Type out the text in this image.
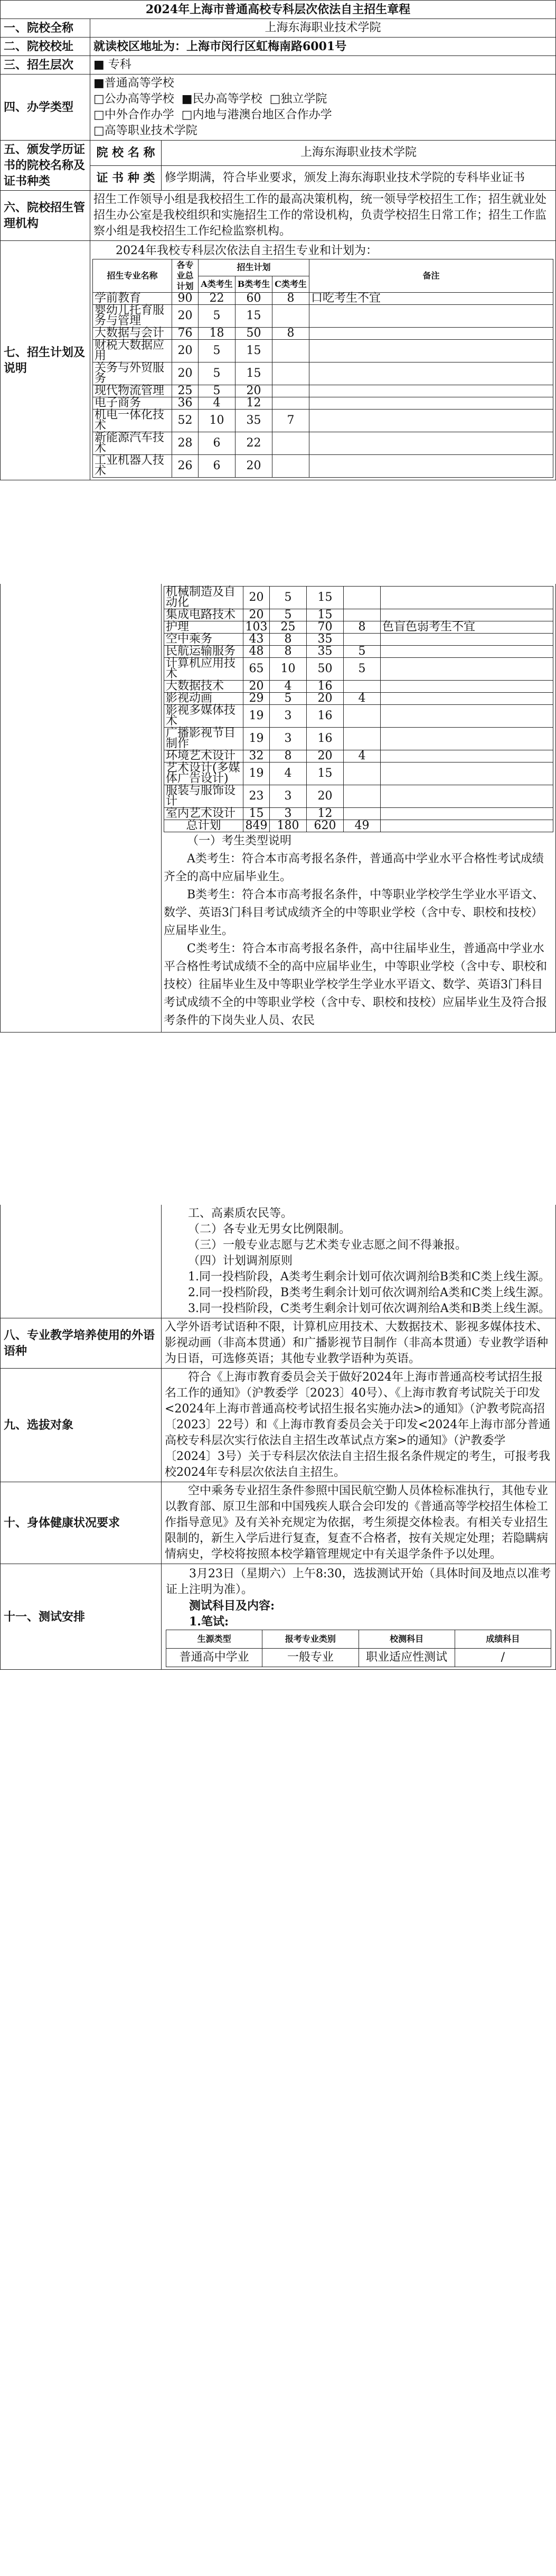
2024年上海市普通高校专科层次依法自主招生章程
一、院校全称	上海东海职业技术学院
二、院校校址	就读校区地址为：上海市闵行区虹梅南路6001号
三、招生层次	■ 专科
四、办学类型	
■普通高等学校
□公办高等学校 ■民办高等学校 □独立学院
□中外合作办学 □内地与港澳台地区合作办学
□高等职业技术学院

五、颁发学历证书的院校名称及证书种类	院 校 名 称	上海东海职业技术学院
证 书 种 类	修学期满，符合毕业要求，颁发上海东海职业技术学院的专科毕业证书
六、院校招生管理机构	招生工作领导小组是我校招生工作的最高决策机构，统一领导学校招生工作；招生就业处招生办公室是我校组织和实施招生工作的常设机构，负责学校招生日常工作；招生工作监察小组是我校招生工作纪检监察机构。
七、招生计划及说明	
2024年我校专科层次依法自主招生专业和计划为：
招生专业名称	各专业总计划	招生计划	备注
A类考生	B类考生	C类考生
学前教育	90	22	60	8	口吃考生不宜
婴幼儿托育服务与管理	20	5	15		
大数据与会计	76	18	50	8	
财税大数据应用	20	5	15		
关务与外贸服务	20	5	15		
现代物流管理	25	5	20		
电子商务	36	4	12		
机电一体化技术	52	10	35	7	
新能源汽车技术	28	6	22		
工业机器人技术	26	6	20		

机械制造及自动化	20	5	15		
集成电路技术	20	5	15		
护理	103	25	70	8	色盲色弱考生不宜
空中乘务	43	8	35		
民航运输服务	48	8	35	5	
计算机应用技术	65	10	50	5	
大数据技术	20	4	16		
影视动画	29	5	20	4	
影视多媒体技术	19	3	16		
广播影视节目制作	19	3	16		
环境艺术设计	32	8	20	4	
艺术设计(多媒体广告设计)	19	4	15		
服装与服饰设计	23	3	20		
室内艺术设计	15	3	12		
总计划	849	180	620	49	
（一）考生类型说明
A类考生：符合本市高考报名条件，普通高中学业水平合格性考试成绩齐全的高中应届毕业生。
B类考生：符合本市高考报名条件，中等职业学校学生学业水平语文、数学、英语3门科目考试成绩齐全的中等职业学校（含中专、职校和技校）应届毕业生。
C类考生：符合本市高考报名条件，高中往届毕业生，普通高中学业水平合格性考试成绩不全的高中应届毕业生，中等职业学校（含中专、职校和技校）往届毕业生及中等职业学校学生学业水平语文、数学、英语3门科目考试成绩不全的中等职业学校（含中专、职校和技校）应届毕业生及符合报考条件的下岗失业人员、农民

工、高素质农民等。
（二）各专业无男女比例限制。
（三）一般专业志愿与艺术类专业志愿之间不得兼报。
（四）计划调剂原则
1.同一投档阶段，A类考生剩余计划可依次调剂给B类和C类上线生源。
2.同一投档阶段，B类考生剩余计划可依次调剂给A类和C类上线生源。
3.同一投档阶段，C类考生剩余计划可依次调剂给A类和B类上线生源。

八、专业教学培养使用的外语语种	入学外语考试语种不限，计算机应用技术、大数据技术、影视多媒体技术、影视动画（非高本贯通）和广播影视节目制作（非高本贯通）专业教学语种为日语，可选修英语；其他专业教学语种为英语。
九、选拔对象	符合《上海市教育委员会关于做好2024年上海市普通高校考试招生报名工作的通知》（沪教委学〔2023〕40号）、《上海市教育考试院关于印发<2024年上海市普通高校考试招生报名实施办法>的通知》（沪教考院高招〔2023〕22号）和《上海市教育委员会关于印发<2024年上海市部分普通高校专科层次实行依法自主招生改革试点方案>的通知》（沪教委学〔2024〕3号）关于专科层次依法自主招生报名条件规定的考生，可报考我校2024年专科层次依法自主招生。
十、身体健康状况要求	空中乘务专业招生条件参照中国民航空勤人员体检标准执行，其他专业以教育部、原卫生部和中国残疾人联合会印发的《普通高等学校招生体检工作指导意见》及有关补充规定为依据，考生须提交体检表。有相关专业招生限制的，新生入学后进行复查，复查不合格者，按有关规定处理；若隐瞒病情病史，学校将按照本校学籍管理规定中有关退学条件予以处理。
十一、测试安排	
3月23日（星期六）上午8:30，选拔测试开始（具体时间及地点以准考证上注明为准）。
测试科目及内容:
1.笔试:
生源类型	报考专业类别	校测科目	成绩科目
普通高中学业	一般专业	职业适应性测试	/
